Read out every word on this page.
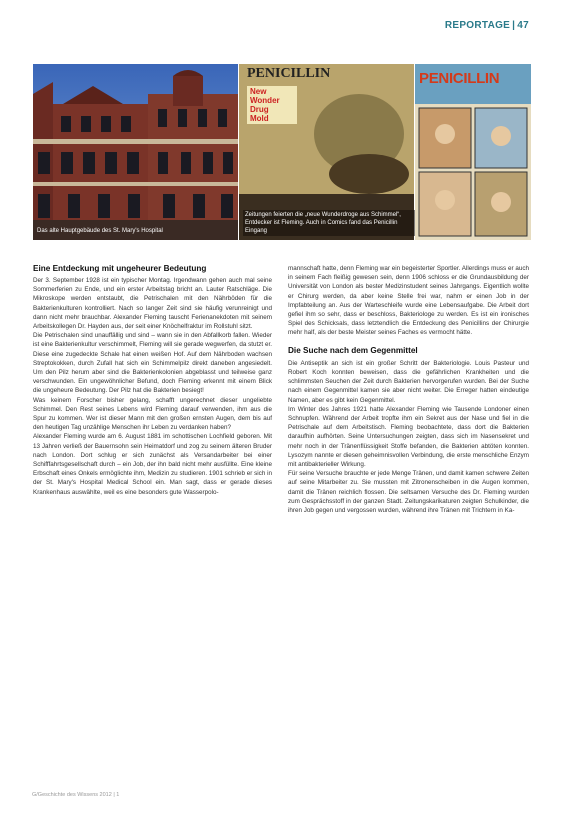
REPORTAGE | 47
Das alte Hauptgebäude des St. Mary's Hospital
PENICILLIN
New
Wonder Drug
Mold
PENICILLIN
Zeitungen feierten die „neue Wunderdroge aus Schimmel“, Entdecker ist Fleming. Auch in Comics fand das Penicillin Eingang
Eine Entdeckung mit ungeheurer Bedeutung

Der 3. September 1928 ist ein typischer Montag. Irgendwann gehen auch mal seine Sommerferien zu Ende, und ein erster Arbeitstag bricht an. Lauter Ratschläge. Die Mikroskope werden entstaubt, die Petrischalen mit den Nährböden für die Bakterienkulturen kontrolliert. Nach so langer Zeit sind sie häufig verunreinigt und dann nicht mehr brauchbar. Alexander Fleming tauscht Ferienanekdoten mit seinem Arbeitskollegen Dr. Hayden aus, der seit einer Knöchelfraktur im Rollstuhl sitzt.

Die Petrischalen sind unauffällig und sind – wann sie in den Abfallkorb fallen. Wieder ist eine Bakterienkultur verschimmelt, Fleming will sie gerade wegwerfen, da stutzt er. Diese eine zugedeckte Schale hat einen weißen Hof. Auf dem Nährboden wachsen Streptokokken, durch Zufall hat sich ein Schimmelpilz direkt daneben angesiedelt. Um den Pilz herum aber sind die Bakterienkolonien abgeblasst und teilweise ganz verschwunden. Ein ungewöhnlicher Befund, doch Fleming erkennt mit einem Blick die ungeheure Bedeutung. Der Pilz hat die Bakterien besiegt!

Was keinem Forscher bisher gelang, schafft ungerechnet dieser ungeliebte Schimmel. Den Rest seines Lebens wird Fleming darauf verwenden, ihm aus die Spur zu kommen. Wer ist dieser Mann mit den großen ernsten Augen, dem bis auf den heutigen Tag unzählige Menschen ihr Leben zu verdanken haben?

Alexander Fleming wurde am 6. August 1881 im schottischen Lochfield geboren. Mit 13 Jahren verließ der Bauernsohn sein Heimatdorf und zog zu seinem älteren Bruder nach London. Dort schlug er sich zunächst als Versandarbeiter bei einer Schifffahrtsgesellschaft durch – ein Job, der ihn bald nicht mehr ausfüllte. Eine kleine Erbschaft eines Onkels ermöglichte ihm, Medizin zu studieren. 1901 schrieb er sich in der St. Mary's Hospital Medical School ein. Man sagt, dass er gerade dieses Krankenhaus auswählte, weil es eine besonders gute Wasserpolo-

mannschaft hatte, denn Fleming war ein begeisterter Sportler. Allerdings muss er auch in seinem Fach fleißig gewesen sein, denn 1906 schloss er die Grundausbildung der Universität von London als bester Medizinstudent seines Jahrgangs. Eigentlich wollte er Chirurg werden, da aber keine Stelle frei war, nahm er einen Job in der Impfabteilung an. Aus der Warteschleife wurde eine Lebensaufgabe. Die Arbeit dort gefiel ihm so sehr, dass er beschloss, Bakteriologe zu werden. Es ist ein ironisches Spiel des Schicksals, dass letztendlich die Entdeckung des Penicillins der Chirurgie mehr half, als der beste Meister seines Faches es vermocht hätte.

Die Suche nach dem Gegenmittel

Die Antiseptik an sich ist ein großer Schritt der Bakteriologie. Louis Pasteur und Robert Koch konnten beweisen, dass die gefährlichen Krankheiten und die schlimmsten Seuchen der Zeit durch Bakterien hervorgerufen wurden. Bei der Suche nach einem Gegenmittel kamen sie aber nicht weiter. Die Erreger hatten eindeutige Namen, aber es gibt kein Gegenmittel.

Im Winter des Jahres 1921 hatte Alexander Fleming wie Tausende Londoner einen Schnupfen. Während der Arbeit tropfte ihm ein Sekret aus der Nase und fiel in die Petrischale auf dem Arbeitstisch. Fleming beobachtete, dass dort die Bakterien daraufhin aufhörten. Seine Untersuchungen zeigten, dass sich im Nasensekret und mehr noch in der Tränenflüssigkeit Stoffe befanden, die Bakterien abtöten konnten. Lysozym nannte er diesen geheimnisvollen Verbindung, die erste menschliche Enzym mit antibakterieller Wirkung.

Für seine Versuche brauchte er jede Menge Tränen, und damit kamen schwere Zeiten auf seine Mitarbeiter zu. Sie mussten mit Zitronenscheiben in die Augen kommen, damit die Tränen reichlich flossen. Die seltsamen Versuche des Dr. Fleming wurden zum Gesprächsstoff in der ganzen Stadt. Zeitungskarikaturen zeigten Schulkinder, die ihren Job gegen und vergossen wurden, während ihre Tränen mit Trichtern in Ka-

G/Geschichte des Wissens 2012 | 1
